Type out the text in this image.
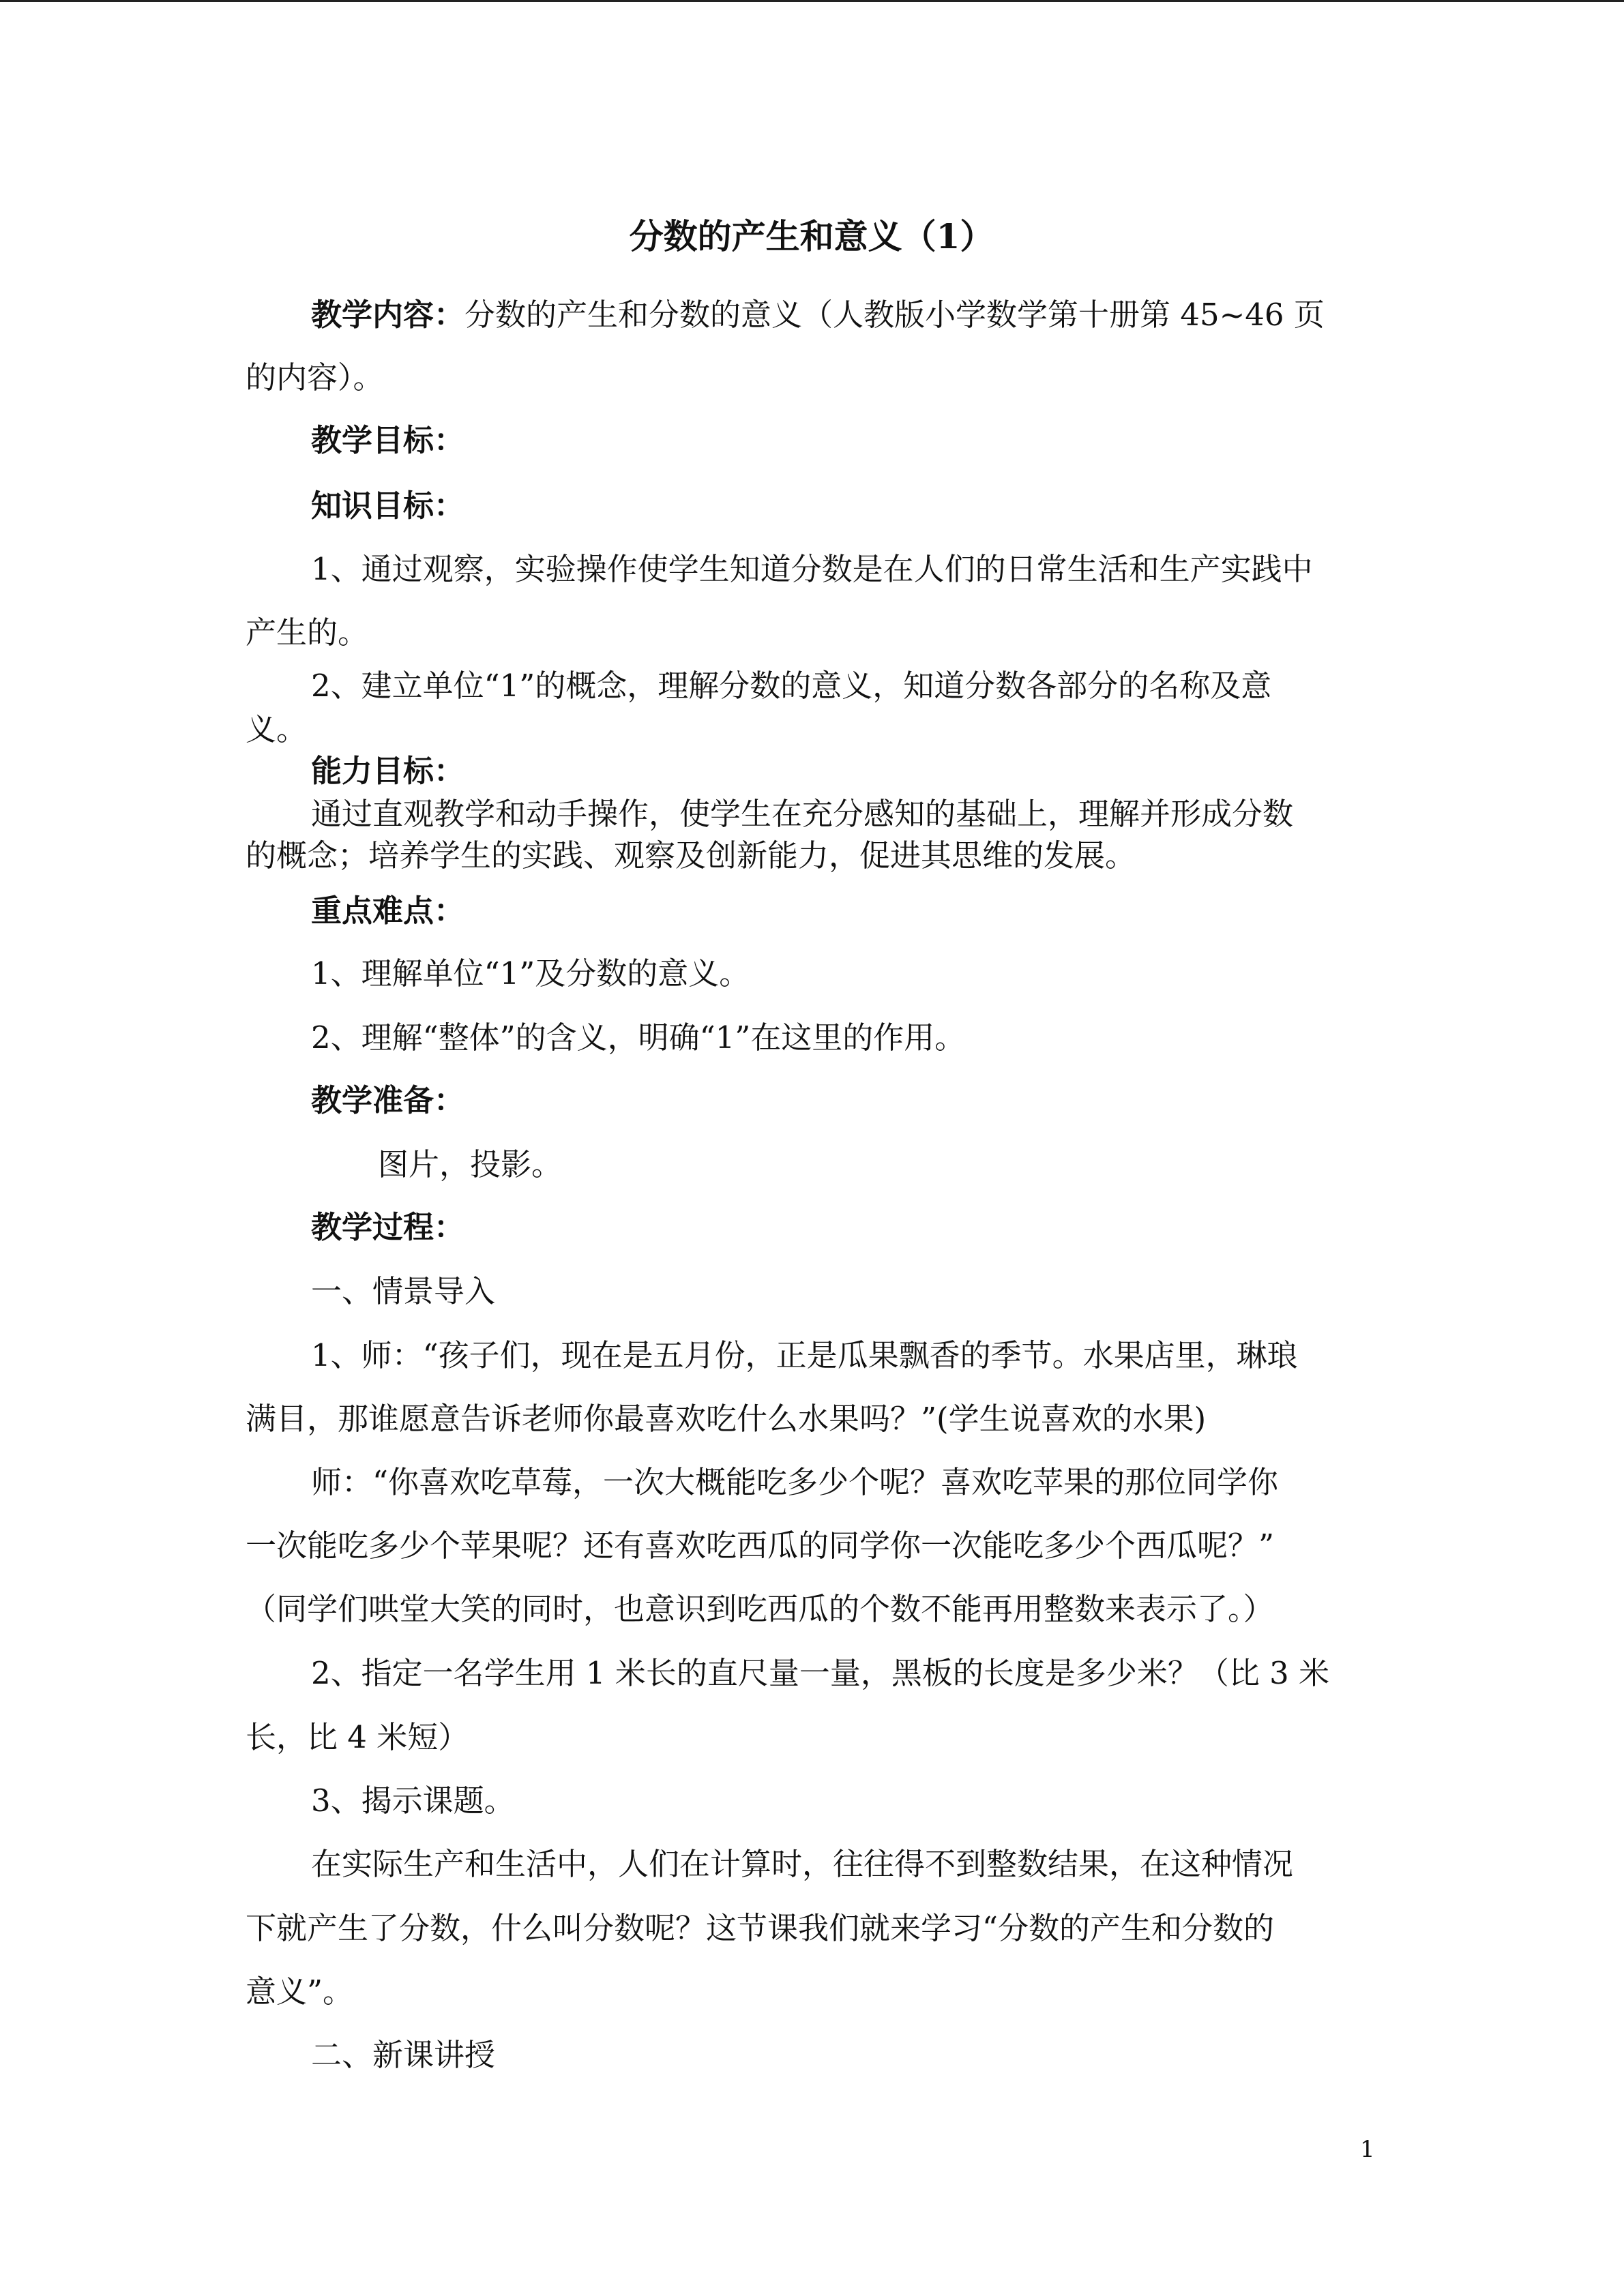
分数的产生和意义（1）
教学内容：分数的产生和分数的意义（人教版小学数学第十册第 45~46 页
的内容）。
教学目标：
知识目标：
1、通过观察，实验操作使学生知道分数是在人们的日常生活和生产实践中
产生的。
2、建立单位“1”的概念，理解分数的意义，知道分数各部分的名称及意
义。
能力目标：
通过直观教学和动手操作，使学生在充分感知的基础上，理解并形成分数
的概念；培养学生的实践、观察及创新能力，促进其思维的发展。
重点难点：
1、理解单位“1”及分数的意义。
2、理解“整体”的含义，明确“1”在这里的作用。
教学准备：
图片，投影。
教学过程：
一、情景导入
1、师：“孩子们，现在是五月份，正是瓜果飘香的季节。水果店里，琳琅
满目，那谁愿意告诉老师你最喜欢吃什么水果吗？”(学生说喜欢的水果)
师：“你喜欢吃草莓，一次大概能吃多少个呢？喜欢吃苹果的那位同学你
一次能吃多少个苹果呢？还有喜欢吃西瓜的同学你一次能吃多少个西瓜呢？”
（同学们哄堂大笑的同时，也意识到吃西瓜的个数不能再用整数来表示了。）
2、指定一名学生用 1 米长的直尺量一量，黑板的长度是多少米？（比 3 米
长，比 4 米短）
3、揭示课题。
在实际生产和生活中，人们在计算时，往往得不到整数结果，在这种情况
下就产生了分数，什么叫分数呢？这节课我们就来学习“分数的产生和分数的
意义”。
二、新课讲授
1
